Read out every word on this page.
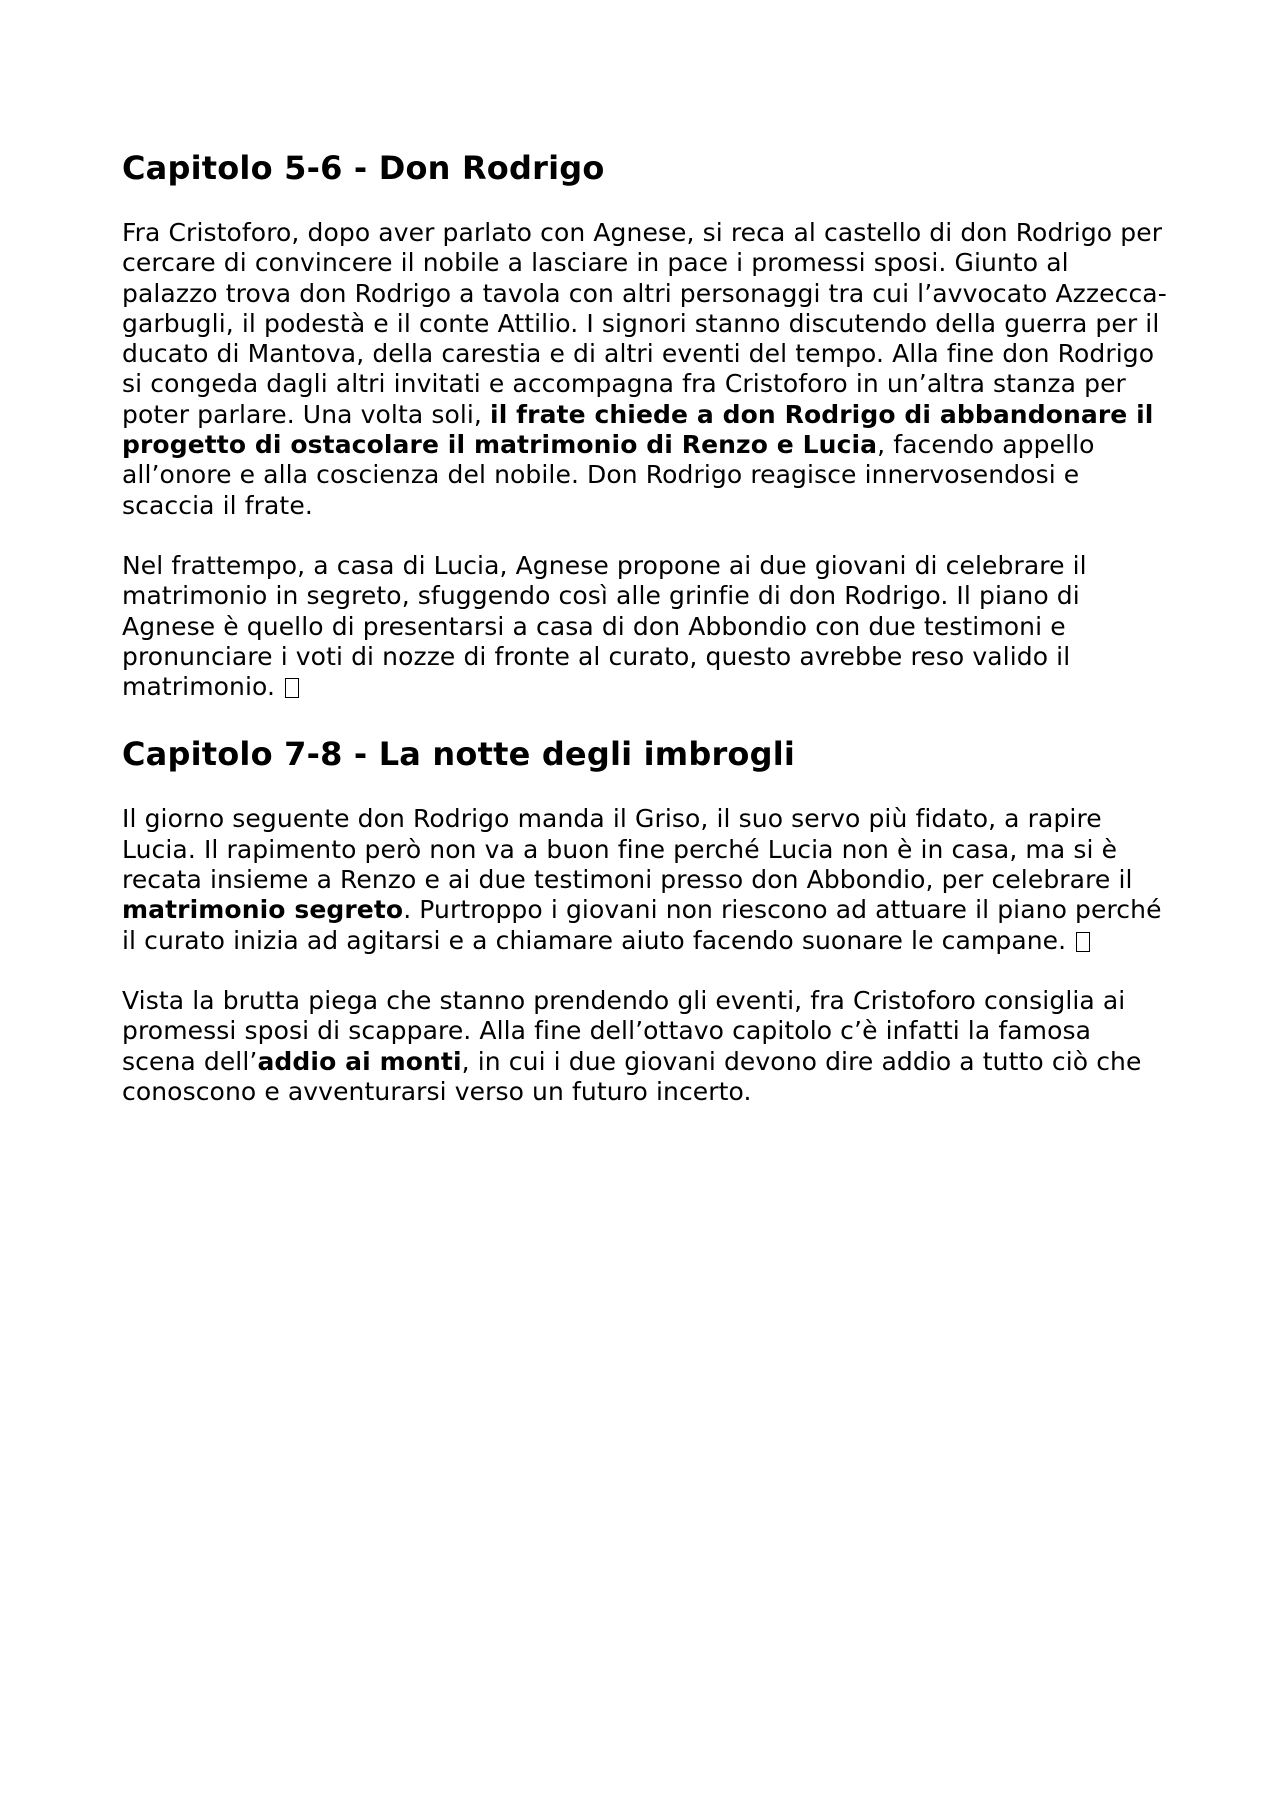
Capitolo 5-6 - Don Rodrigo

Fra Cristoforo, dopo aver parlato con Agnese, si reca al castello di don Rodrigo per cercare di convincere il nobile a lasciare in pace i promessi sposi. Giunto al palazzo trova don Rodrigo a tavola con altri personaggi tra cui l’avvocato Azzecca-garbugli, il podestà e il conte Attilio. I signori stanno discutendo della guerra per il ducato di Mantova, della carestia e di altri eventi del tempo. Alla fine don Rodrigo si congeda dagli altri invitati e accompagna fra Cristoforo in un’altra stanza per poter parlare. Una volta soli, il frate chiede a don Rodrigo di abbandonare il progetto di ostacolare il matrimonio di Renzo e Lucia, facendo appello all’onore e alla coscienza del nobile. Don Rodrigo reagisce innervosendosi e scaccia il frate.

Nel frattempo, a casa di Lucia, Agnese propone ai due giovani di celebrare il matrimonio in segreto, sfuggendo così alle grinfie di don Rodrigo. Il piano di Agnese è quello di presentarsi a casa di don Abbondio con due testimoni e pronunciare i voti di nozze di fronte al curato, questo avrebbe reso valido il matrimonio.

Capitolo 7-8 - La notte degli imbrogli

Il giorno seguente don Rodrigo manda il Griso, il suo servo più fidato, a rapire Lucia. Il rapimento però non va a buon fine perché Lucia non è in casa, ma si è recata insieme a Renzo e ai due testimoni presso don Abbondio, per celebrare il matrimonio segreto. Purtroppo i giovani non riescono ad attuare il piano perché il curato inizia ad agitarsi e a chiamare aiuto facendo suonare le campane.

Vista la brutta piega che stanno prendendo gli eventi, fra Cristoforo consiglia ai promessi sposi di scappare. Alla fine dell’ottavo capitolo c’è infatti la famosa scena dell’addio ai monti, in cui i due giovani devono dire addio a tutto ciò che conoscono e avventurarsi verso un futuro incerto.
